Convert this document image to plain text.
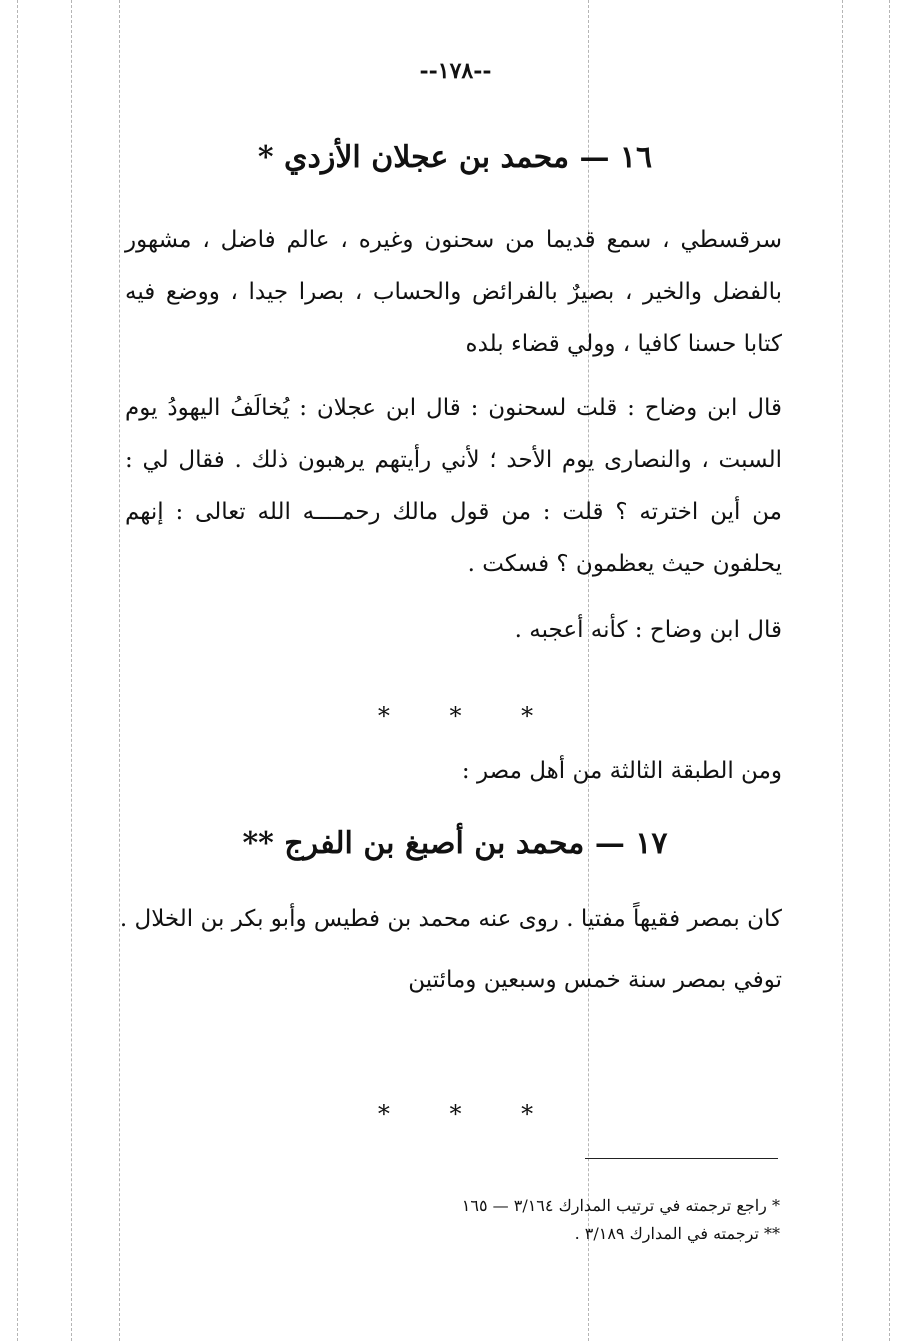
--١٧٨--
١٦ — محمد بن عجلان الأزدي *
سرقسطي ، سمع قديما من سحنون وغيره ، عالم فاضل ، مشهور بالفضل والخير ، بصيرٌ بالفرائض والحساب ، بصرا جيدا ، ووضع فيه كتابا حسنا كافيا ، وولي قضاء بلده
قال ابن وضاح : قلت لسحنون : قال ابن عجلان : يُخالَفُ اليهودُ يوم السبت ، والنصارى يوم الأحد ؛ لأني رأيتهم يرهبون ذلك . فقال لي : من أين اخترته ؟ قلت : من قول مالك رحمــــه الله تعالى : إنهم يحلفون حيث يعظمون ؟ فسكت .
قال ابن وضاح : كأنه أعجبه .
* * *
ومن الطبقة الثالثة من أهل مصر :
١٧ — محمد بن أصبغ بن الفرج **
كان بمصر فقيهاً مفتيا . روى عنه محمد بن فطيس وأبو بكر بن الخلال .
توفي بمصر سنة خمس وسبعين ومائتين
* * *
* راجع ترجمته في ترتيب المدارك ٣/١٦٤ — ١٦٥
** ترجمته في المدارك ٣/١٨٩ .
